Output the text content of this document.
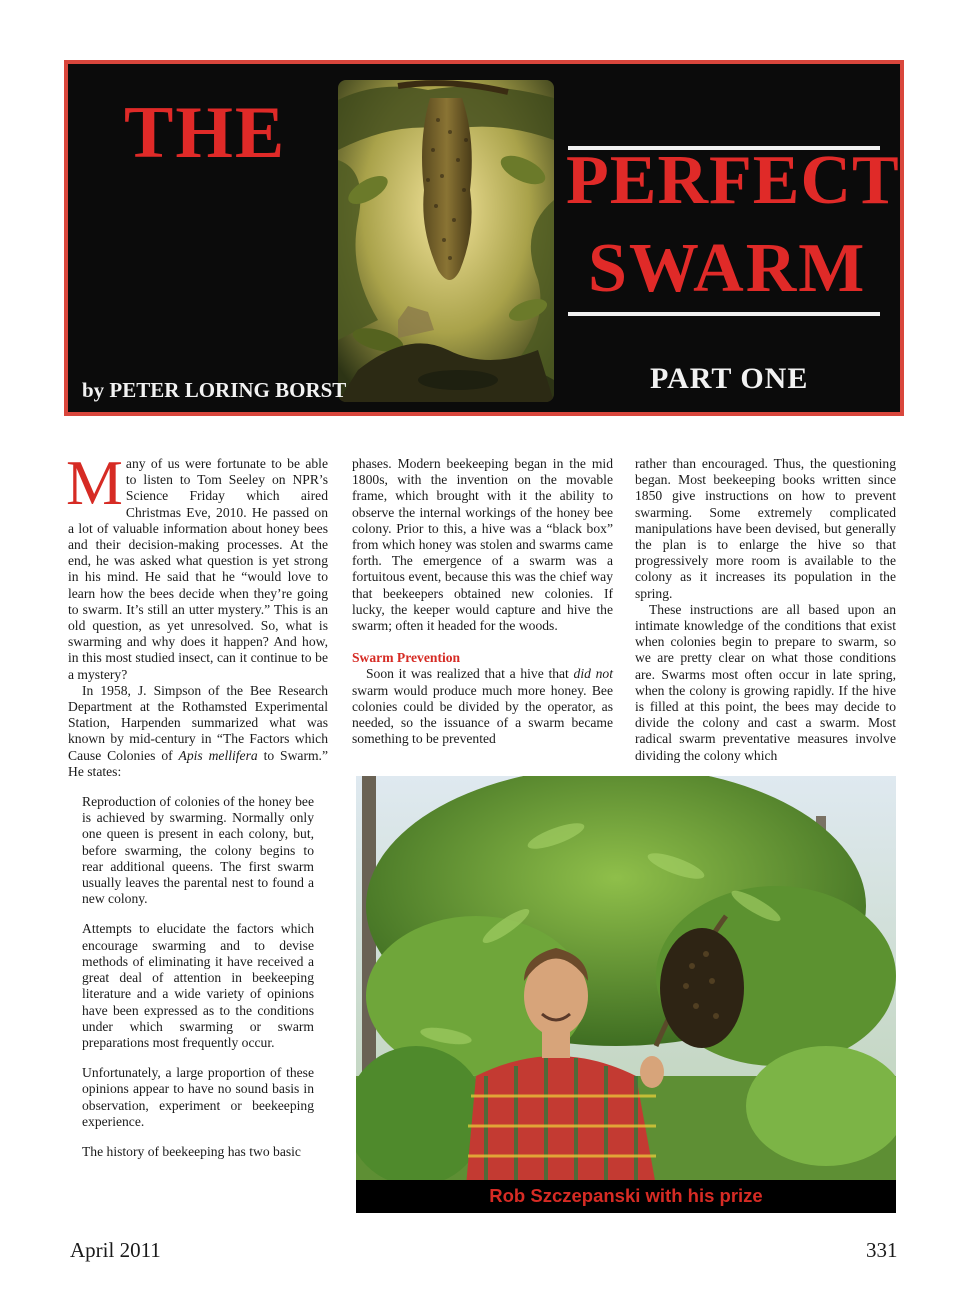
THE
PERFECT
SWARM
PART ONE
by PETER LORING BORST

Many of us were fortunate to be able to listen to Tom Seeley on NPR’s Science Friday which aired Christmas Eve, 2010. He passed on a lot of valuable information about honey bees and their decision-making processes. At the end, he was asked what question is yet strong in his mind. He said that he “would love to learn how the bees decide when they’re going to swarm. It’s still an utter mystery.” This is an old question, as yet unresolved. So, what is swarming and why does it happen? And how, in this most studied insect, can it continue to be a mystery?

In 1958, J. Simpson of the Bee Research Department at the Rothamsted Experimental Station, Harpenden summarized what was known by mid-century in “The Factors which Cause Colonies of Apis mellifera to Swarm.” He states:

Reproduction of colonies of the honey bee is achieved by swarming. Normally only one queen is present in each colony, but, before swarming, the colony begins to rear additional queens. The first swarm usually leaves the parental nest to found a new colony.

Attempts to elucidate the factors which encourage swarming and to devise methods of eliminating it have received a great deal of attention in beekeeping literature and a wide variety of opinions have been expressed as to the conditions under which swarming or swarm preparations most frequently occur.

Unfortunately, a large proportion of these opinions appear to have no sound basis in observation, experiment or beekeeping experience.

The history of beekeeping has two basic

phases. Modern beekeeping began in the mid 1800s, with the invention on the movable frame, which brought with it the ability to observe the internal workings of the honey bee colony. Prior to this, a hive was a “black box” from which honey was stolen and swarms came forth. The emergence of a swarm was a fortuitous event, because this was the chief way that beekeepers obtained new colonies. If lucky, the keeper would capture and hive the swarm; often it headed for the woods.

Swarm Prevention

Soon it was realized that a hive that did not swarm would produce much more honey. Bee colonies could be divided by the operator, as needed, so the issuance of a swarm became something to be prevented

rather than encouraged. Thus, the questioning began. Most beekeeping books written since 1850 give instructions on how to prevent swarming. Some extremely complicated manipulations have been devised, but generally the plan is to enlarge the hive so that progressively more room is available to the colony as it increases its population in the spring.

These instructions are all based upon an intimate knowledge of the conditions that exist when colonies begin to prepare to swarm, so we are pretty clear on what those conditions are. Swarms most often occur in late spring, when the colony is growing rapidly. If the hive is filled at this point, the bees may decide to divide the colony and cast a swarm. Most radical swarm preventative measures involve dividing the colony which

Rob Szczepanski with his prize
April 2011	331
